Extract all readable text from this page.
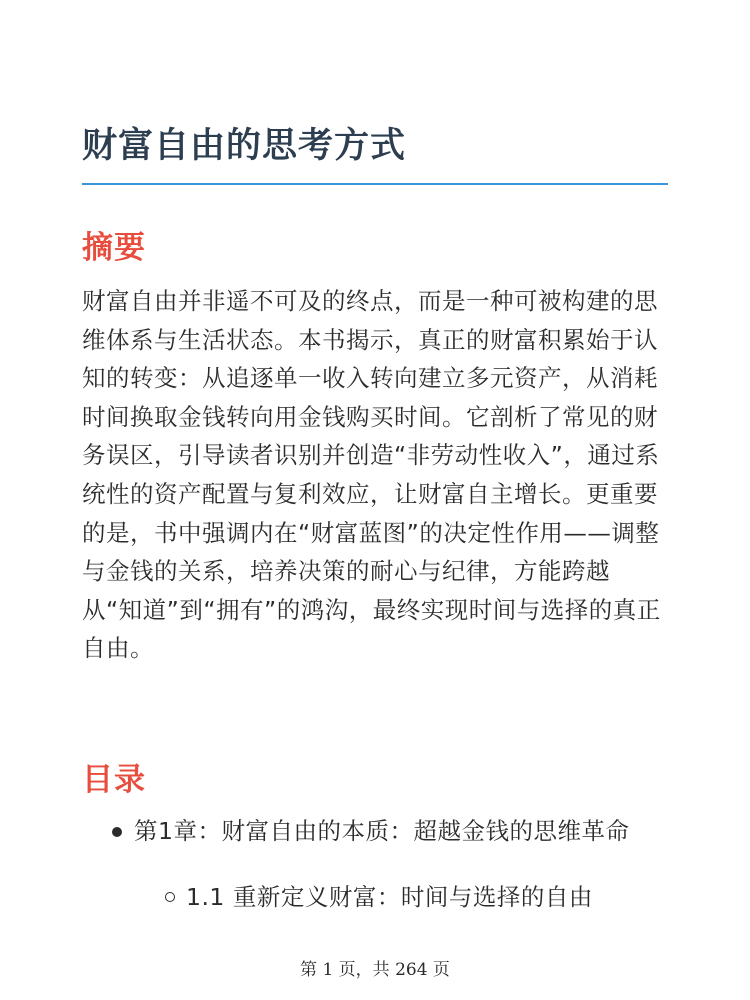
财富自由的思考方式
摘要

财富自由并非遥不可及的终点，而是一种可被构建的思维体系与生活状态。本书揭示，真正的财富积累始于认知的转变：从追逐单一收入转向建立多元资产，从消耗时间换取金钱转向用金钱购买时间。它剖析了常见的财务误区，引导读者识别并创造“非劳动性收入”，通过系统性的资产配置与复利效应，让财富自主增长。更重要的是，书中强调内在“财富蓝图”的决定性作用——调整与金钱的关系，培养决策的耐心与纪律，方能跨越从“知道”到“拥有”的鸿沟，最终实现时间与选择的真正自由。

目录
第1章：财富自由的本质：超越金钱的思维革命
1.1 重新定义财富：时间与选择的自由
第 1 页，共 264 页
